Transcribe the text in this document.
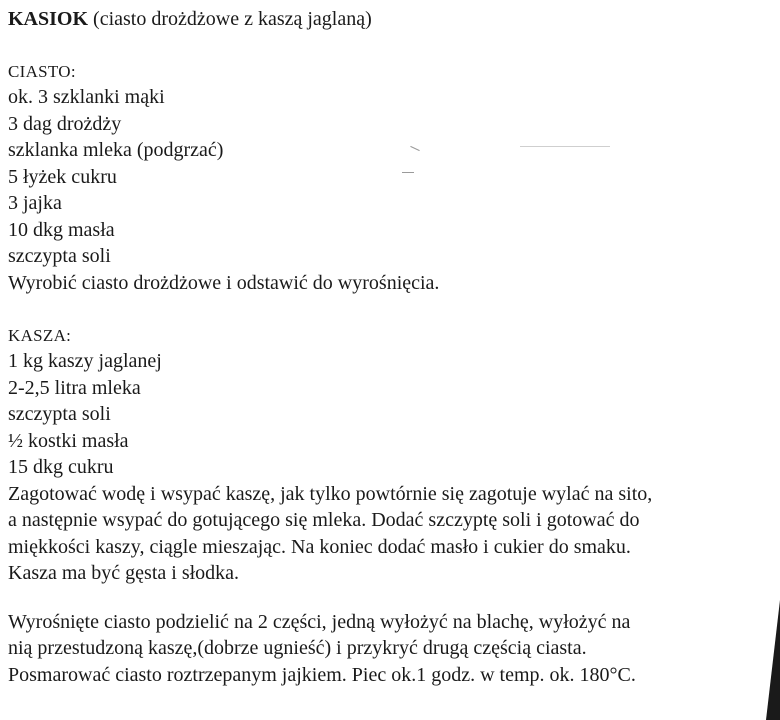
KASIOK (ciasto drożdżowe z kaszą jaglaną)
CIASTO:
ok. 3 szklanki mąki
3 dag drożdży
szklanka mleka (podgrzać)
5 łyżek cukru
3 jajka
10 dkg masła
szczypta soli
Wyrobić ciasto drożdżowe i odstawić do wyrośnięcia.
KASZA:
1 kg kaszy jaglanej
2-2,5 litra mleka
szczypta soli
½ kostki masła
15 dkg cukru
Zagotować wodę i wsypać kaszę, jak tylko powtórnie się zagotuje wylać na sito,
a następnie wsypać do gotującego się mleka. Dodać szczyptę soli i gotować do
miękkości kaszy, ciągle mieszając. Na koniec dodać masło i cukier do smaku.
Kasza ma być gęsta i słodka.
Wyrośnięte ciasto podzielić na 2 części, jedną wyłożyć na blachę, wyłożyć na
nią przestudzoną kaszę,(dobrze ugnieść) i przykryć drugą częścią ciasta.
Posmarować ciasto roztrzepanym jajkiem. Piec ok.1 godz. w temp. ok. 180°C.
